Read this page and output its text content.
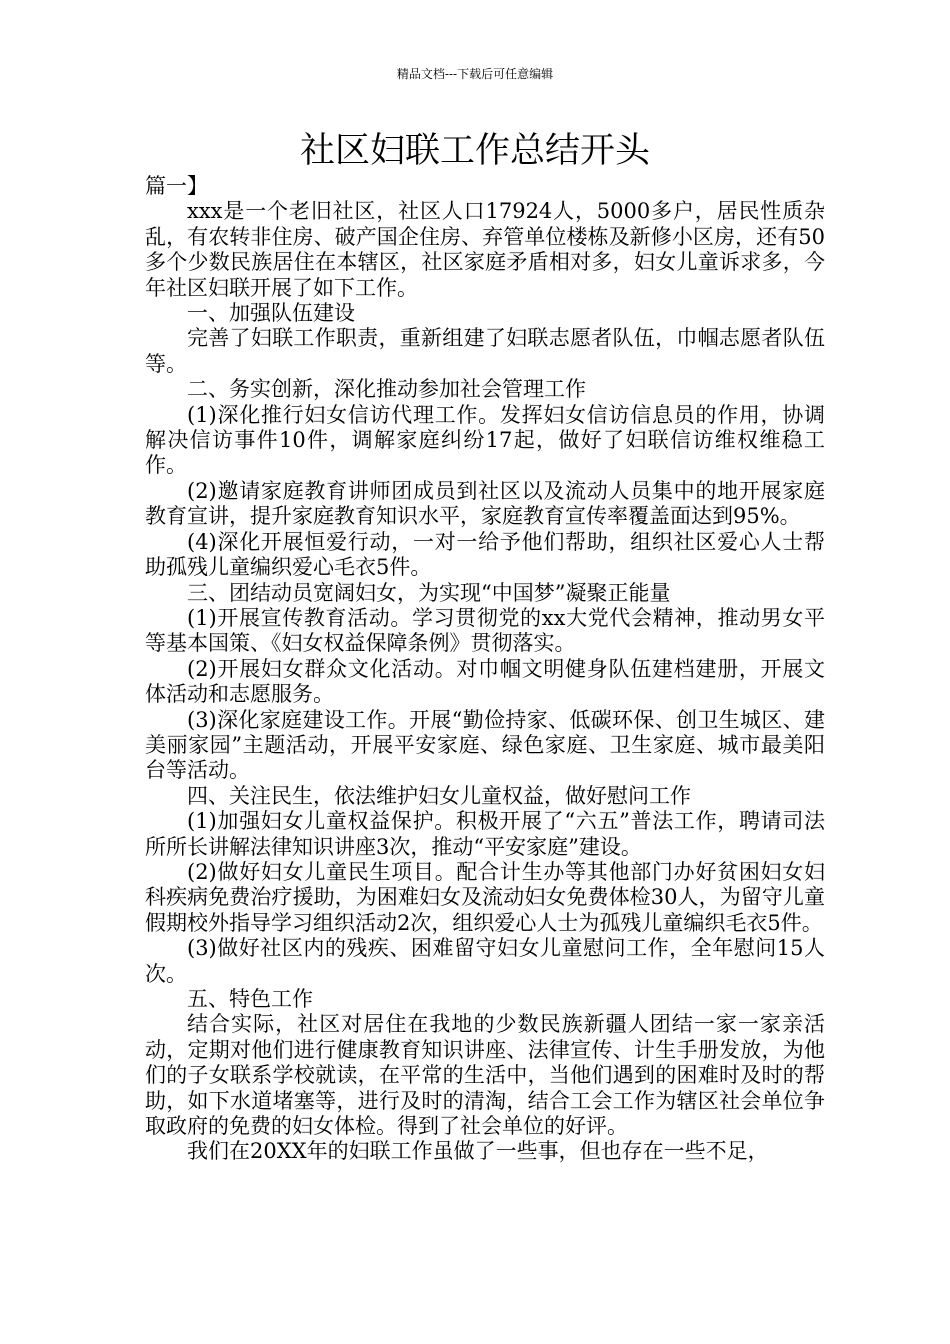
精品文档---下载后可任意编辑
社区妇联工作总结开头

篇一】

xxx是一个老旧社区，社区人口17924人，5000多户，居民性质杂乱，有农转非住房、破产国企住房、弃管单位楼栋及新修小区房，还有50多个少数民族居住在本辖区，社区家庭矛盾相对多，妇女儿童诉求多，今年社区妇联开展了如下工作。

一、加强队伍建设

完善了妇联工作职责，重新组建了妇联志愿者队伍，巾帼志愿者队伍等。

二、务实创新，深化推动参加社会管理工作

(1)深化推行妇女信访代理工作。发挥妇女信访信息员的作用，协调解决信访事件10件，调解家庭纠纷17起，做好了妇联信访维权维稳工作。

(2)邀请家庭教育讲师团成员到社区以及流动人员集中的地开展家庭教育宣讲，提升家庭教育知识水平，家庭教育宣传率覆盖面达到95%。

(4)深化开展恒爱行动，一对一给予他们帮助，组织社区爱心人士帮助孤残儿童编织爱心毛衣5件。

三、团结动员宽阔妇女，为实现“中国梦”凝聚正能量

(1)开展宣传教育活动。学习贯彻党的xx大党代会精神，推动男女平等基本国策、《妇女权益保障条例》贯彻落实。

(2)开展妇女群众文化活动。对巾帼文明健身队伍建档建册，开展文体活动和志愿服务。

(3)深化家庭建设工作。开展“勤俭持家、低碳环保、创卫生城区、建美丽家园”主题活动，开展平安家庭、绿色家庭、卫生家庭、城市最美阳台等活动。

四、关注民生，依法维护妇女儿童权益，做好慰问工作

(1)加强妇女儿童权益保护。积极开展了“六五”普法工作，聘请司法所所长讲解法律知识讲座3次，推动“平安家庭”建设。

(2)做好妇女儿童民生项目。配合计生办等其他部门办好贫困妇女妇科疾病免费治疗援助，为困难妇女及流动妇女免费体检30人，为留守儿童假期校外指导学习组织活动2次，组织爱心人士为孤残儿童编织毛衣5件。

(3)做好社区内的残疾、困难留守妇女儿童慰问工作，全年慰问15人次。

五、特色工作

结合实际，社区对居住在我地的少数民族新疆人团结一家一家亲活动，定期对他们进行健康教育知识讲座、法律宣传、计生手册发放，为他们的子女联系学校就读，在平常的生活中，当他们遇到的困难时及时的帮助，如下水道堵塞等，进行及时的清淘，结合工会工作为辖区社会单位争取政府的免费的妇女体检。得到了社会单位的好评。

我们在20XX年的妇联工作虽做了一些事，但也存在一些不足，
